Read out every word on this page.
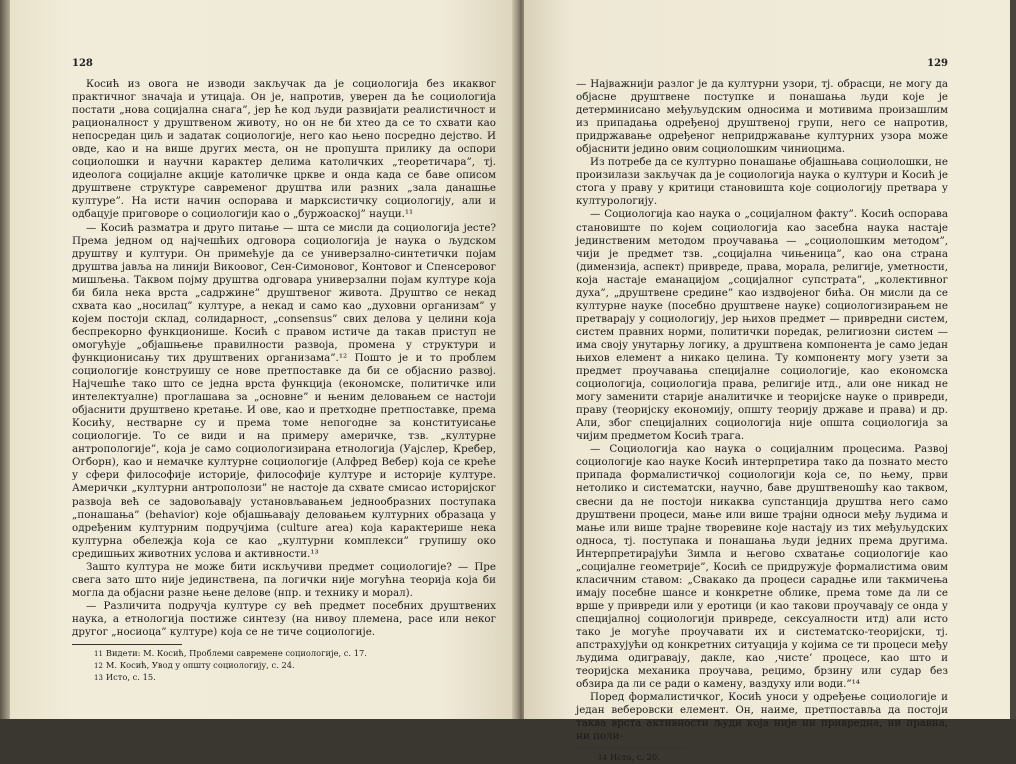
128

Косић из овога не изводи закључак да је социологија без икаквог практичног значаја и утицаја. Он је, напротив, уверен да ће социологија постати „нова социјална снага”, јер ће код људи развијати реалистичност и рационалност у друштвеном животу, но он не би хтео да се то схвати као непосредан циљ и задатак социологије, него као њено посредно дејство. И овде, као и на више других места, он не пропушта прилику да оспори социолошки и научни карактер делима католичких „теоретичара”, тј. идеолога социјалне акције католичке цркве и онда када се баве описом друштвене структуре савременог друштва или разних „зала данашње културе”. На исти начин оспорава и марксистичку социологију, али и одбацује приговоре о социологији као о „буржоаској” науци.¹¹

— Косић разматра и друго питање — шта се мисли да социологија јесте? Према једном од најчешћих одговора социологија је наука о људском друштву и култури. Он примећује да се универзално-синтетички појам друштва јавља на линији Викоовог, Сен-Симоновог, Контовог и Спенсеровог мишљења. Таквом појму друштва одговара универзални појам културе која би била нека врста „садржине” друштвеног живота. Друштво се некад схвата као „носилац” културе, а некад и само као „духовни организам” у којем постоји склад, солидарност, „consensus” свих делова у целини која беспрекорно функционише. Косић с правом истиче да такав приступ не омогућује „објашњење правилности развоја, промена у структури и функционисању тих друштвених организама”.¹² Пошто је и то проблем социологије конструишу се нове претпоставке да би се објаснио развој. Најчешће тако што се једна врста функција (економске, политичке или интелектуалне) проглашава за „основне” и њеним деловањем се настоји објаснити друштвено кретање. И ове, као и претходне претпоставке, према Косићу, нестварне су и према томе непогодне за конституисање социологије. То се види и на примеру америчке, тзв. „културне антропологије”, која је само социологизирана етнологија (Уајслер, Кребер, Огборн), као и немачке културне социологије (Алфред Вебер) која се креће у сфери философије историје, философије културе и историје културе. Амерички „културни антрополози” не настоје да схвате смисао историјског развоја већ се задовољавају установљавањем једнообразних поступака „понашања” (behavior) које објашњавају деловањем културних образаца у одређеним културним подручјима (culture area) која карактерише нека културна обележја која се као „културни комплекси” групишу око средишњих животних услова и активности.¹³

Зашто култура не може бити искључиви предмет социологије? — Пре свега зато што није јединствена, па логички није могућна теорија која би могла да објасни разне њене делове (нпр. и технику и морал).

— Различита подручја културе су већ предмет посебних друштвених наука, а етнологија постиже синтезу (на нивоу племена, расе или неког другог „носиоца” културе) која се не тиче социологије.

11 Видети: М. Косић, Проблеми савремене социологије, с. 17.

12 М. Косић, Увод у општу социологију, с. 24.

13 Исто, с. 15.

129

— Најважнији разлог је да културни узори, тј. обрасци, не могу да објасне друштвене поступке и понашања људи које је детерминисано међуљудским односима и мотивима произашлим из припадања одређеној друштвеној групи, него се напротив, придржавање одређеног непридржавање културних узора може објаснити једино овим социолошким чиниоцима.

Из потребе да се културно понашање објашњава социолошки, не произилази закључак да је социологија наука о култури и Косић је стога у праву у критици становишта које социологију претвара у културологију.

— Социологија као наука о „социјалном факту”. Косић оспорава становиште по којем социологија као засебна наука настаје јединственим методом проучавања — „социолошким методом”, чији је предмет тзв. „социјална чињеница”, као она страна (димензија, аспект) привреде, права, морала, религије, уметности, која настаје еманацијом „социјалног супстрата”, „колективног духа”, „друштвене средине” као издвојеног бића. Он мисли да се културне науке (посебно друштвене науке) социологизирањем не претварају у социологију, јер њихов предмет — привредни систем, систем правних норми, политички поредак, религиозни систем — има своју унутарњу логику, а друштвена компонента је само један њихов елемент а никако целина. Ту компоненту могу узети за предмет проучавања специјалне социологије, као економска социологија, социологија права, религије итд., али оне никад не могу заменити старије аналитичке и теоријске науке о привреди, праву (теоријску економију, општу теорију државе и права) и др. Али, због специјалних социологија није општа социологија за чијим предметом Косић трага.

— Социологија као наука о социјалним процесима. Развој социологије као науке Косић интерпретира тако да познато место припада формалистичкој социологији која се, по њему, први нетолико и систематски, научно, баве друштвеношћу као таквом, свесни да не постоји никаква супстанција друштва него само друштвени процеси, мање или више трајни односи међу људима и мање или више трајне творевине које настају из тих међуљудских односа, тј. поступака и понашања људи једних према другима. Интерпретирајући Зимла и његово схватање социологије као „социјалне геометрије”, Косић се придружује формалистима овим класичним ставом: „Свакако да процеси сарадње или такмичења имају посебне шансе и конкретне облике, према томе да ли се врше у привреди или у еротици (и као такови проучавају се онда у специјалној социологији привреде, сексуалности итд) али исто тако је могуће проучавати их и систематско-теоријски, тј. апстрахујући од конкретних ситуација у којима се ти процеси међу људима одигравају, дакле, као ‚чисте’ процесе, као што и теоријска механика проучава, рецимо, брзину или судар без обзира да ли се ради о камену, ваздуху или води.”¹⁴

Поред формалистичког, Косић уноси у одређење социологије и један веберовски елемент. Он, наиме, претпоставља да постоји таква врста активности људи која није ни привредна, ни правна, ни поли-

14 Исто, с. 20.
